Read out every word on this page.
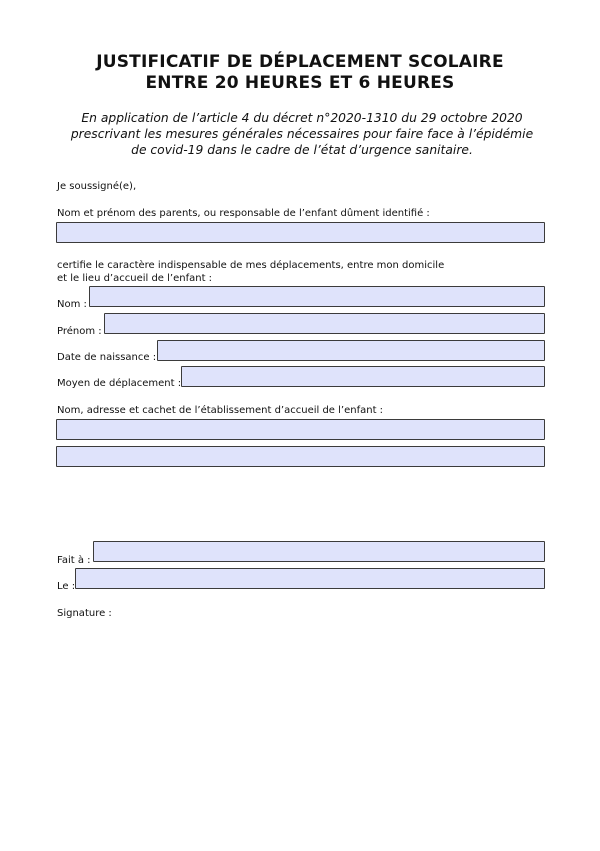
JUSTIFICATIF DE DÉPLACEMENT SCOLAIRE
ENTRE 20 HEURES ET 6 HEURES
En application de l’article 4 du décret n°2020-1310 du 29 octobre 2020
prescrivant les mesures générales nécessaires pour faire face à l’épidémie
de covid-19 dans le cadre de l’état d’urgence sanitaire.
Je soussigné(e),
Nom et prénom des parents, ou responsable de l’enfant dûment identifié :
certifie le caractère indispensable de mes déplacements, entre mon domicile
et le lieu d’accueil de l’enfant :
Nom :
Prénom :
Date de naissance :
Moyen de déplacement :
Nom, adresse et cachet de l’établissement d’accueil de l’enfant :
Fait à :
Le :
Signature :
